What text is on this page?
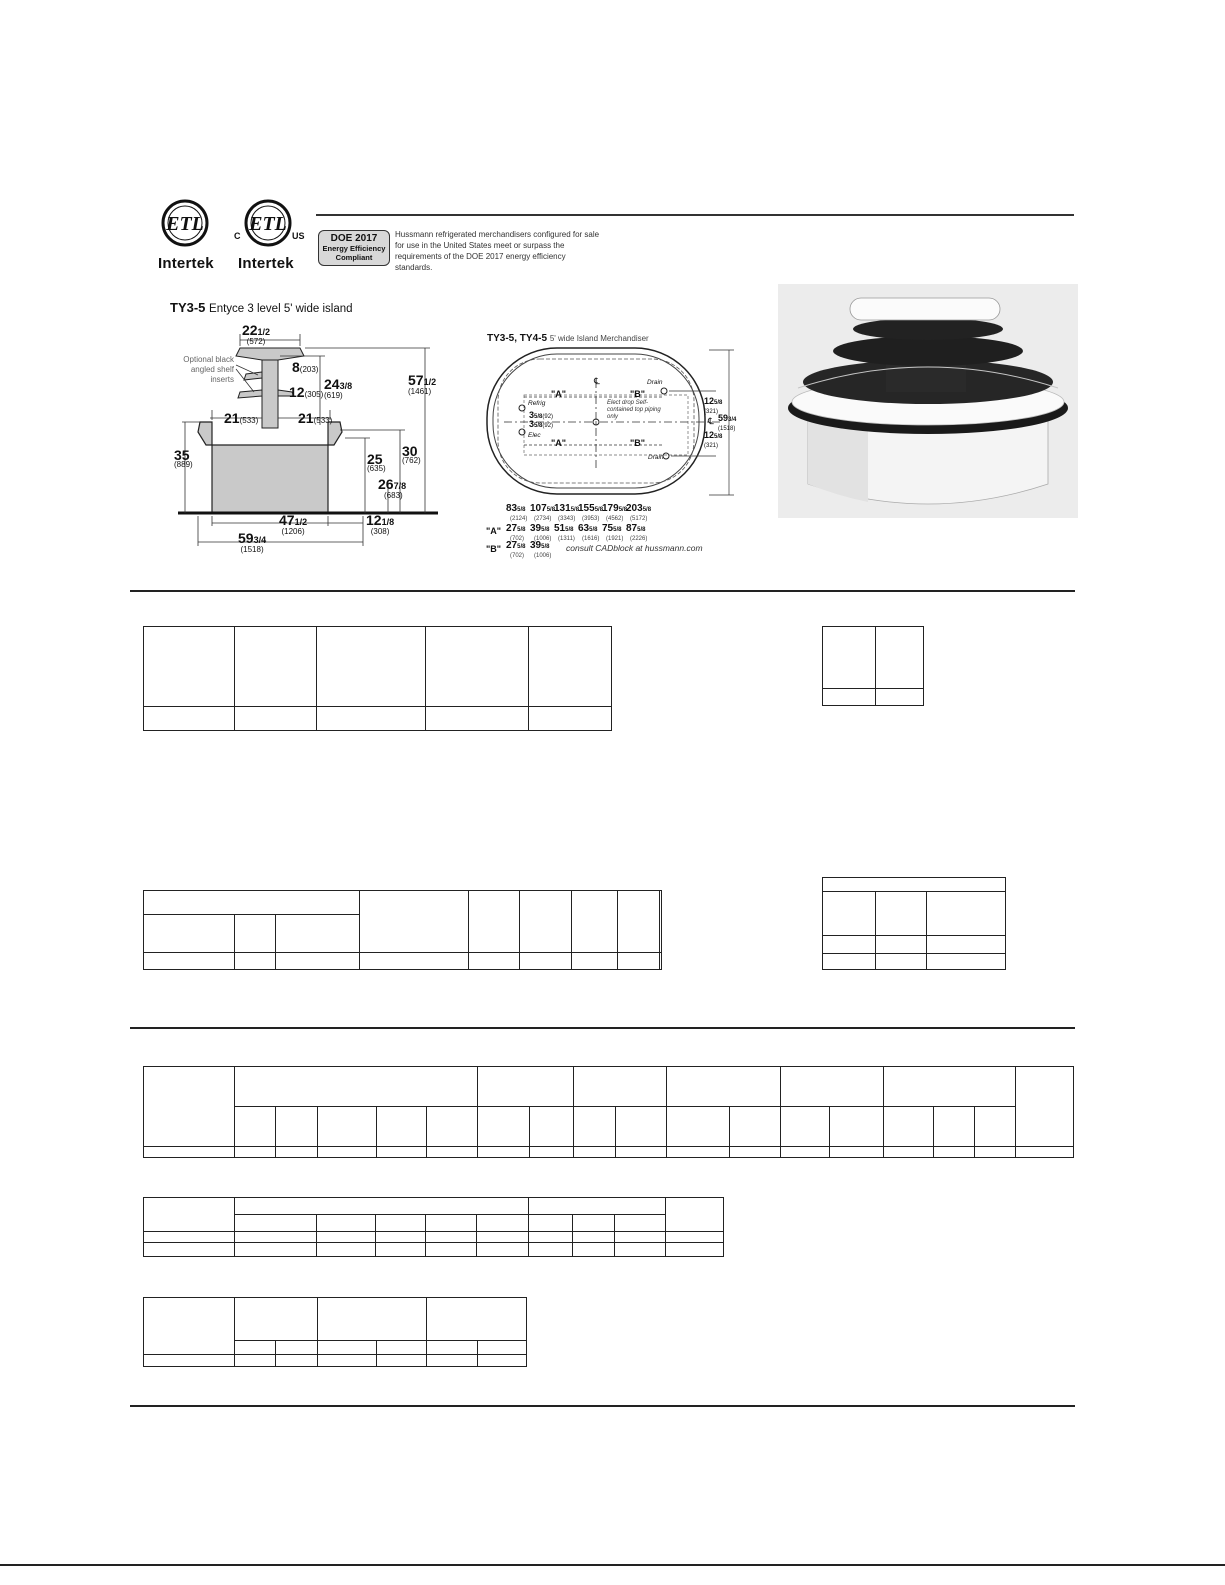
ETL
Intertek
ETL
C	US
Intertek
DOE 2017
Energy Efficiency
Compliant
Hussmann refrigerated merchandisers configured for sale for use in the United States meet or surpass the requirements of the DOE 2017 energy efficiency standards.
TY3-5 Entyce 3 level 5' wide island
221/2
(572)
Optional black angled shelf inserts
8(203)
12(305)
243/8
(619)
571/2
(1461)
21(533)	21(533)
35
(889)
30
(762)
25
(635)
267/8
(683)
471/2
(1206)
121/8
(308)
593/4
(1518)
TY3-5, TY4-5 5' wide Island Merchandiser
"A"	"B"
"A"	"B"
℄
℄
Drain
Drain
Refrig
Elec
Elect drop Self-contained top piping only
35/8(92)
35/8(92)
125/8
(321)
593/4
(1518)
125/8
(321)
835/8
(2124)
1075/8
(2734)
1315/8
(3343)
1555/8
(3953)
1795/8
(4562)
2035/8
(5172)
"A" 275/8
(702)
395/8
(1006)
515/8
(1311)
635/8
(1616)
755/8
(1921)
875/8
(2226)
"B" 275/8
(702)
395/8
(1006)
consult CADblock at hussmann.com
